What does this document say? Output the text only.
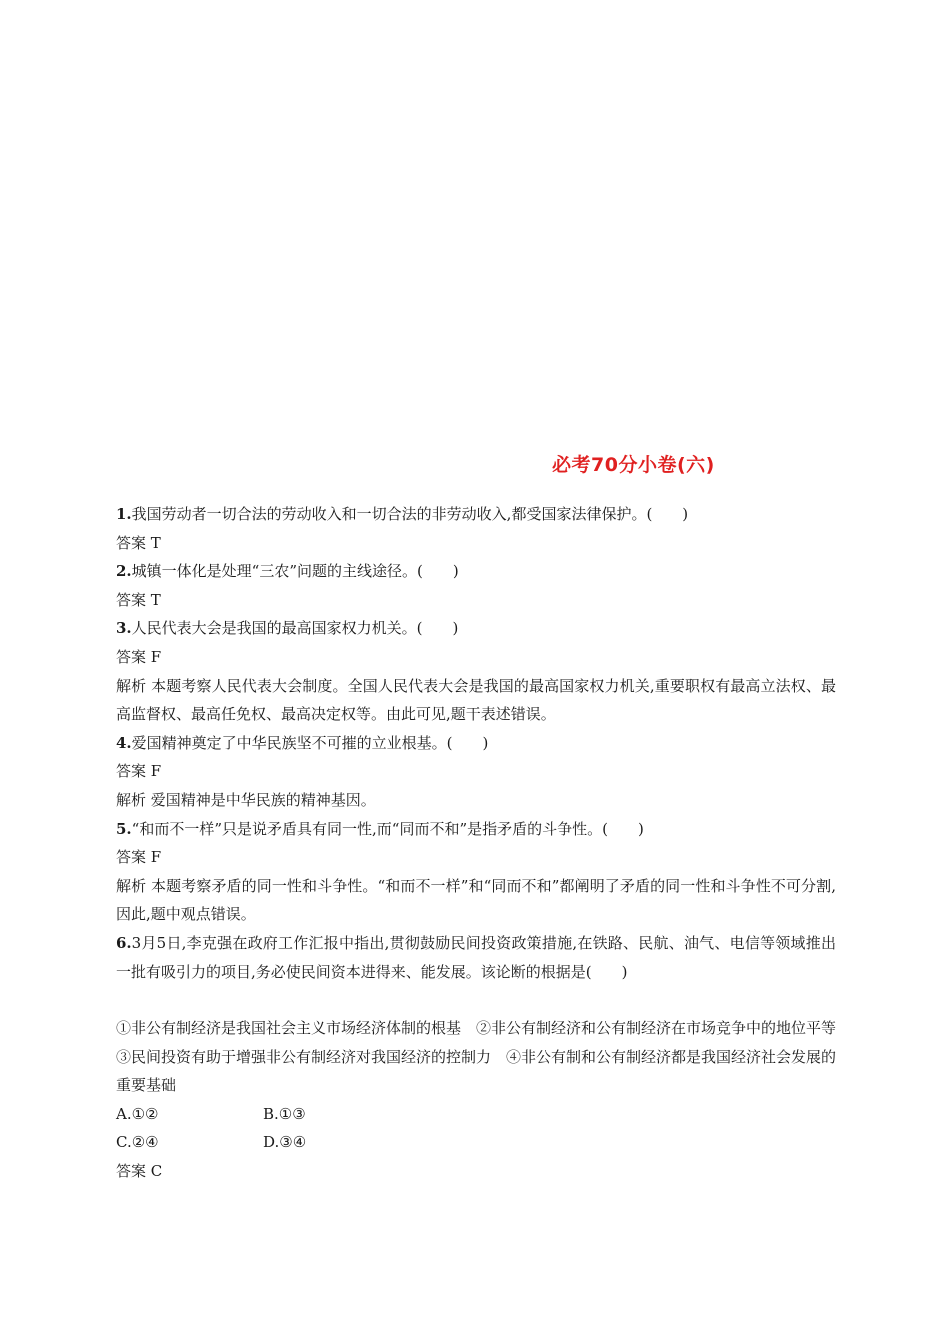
必考70分小卷(六)
1.我国劳动者一切合法的劳动收入和一切合法的非劳动收入,都受国家法律保护。(　　)
答案 T
2.城镇一体化是处理“三农”问题的主线途径。(　　)
答案 T
3.人民代表大会是我国的最高国家权力机关。(　　)
答案 F
解析 本题考察人民代表大会制度。全国人民代表大会是我国的最高国家权力机关,重要职权有最高立法权、最高监督权、最高任免权、最高决定权等。由此可见,题干表述错误。
4.爱国精神奠定了中华民族坚不可摧的立业根基。(　　)
答案 F
解析 爱国精神是中华民族的精神基因。
5.“和而不一样”只是说矛盾具有同一性,而“同而不和”是指矛盾的斗争性。(　　)
答案 F
解析 本题考察矛盾的同一性和斗争性。“和而不一样”和“同而不和”都阐明了矛盾的同一性和斗争性不可分割,因此,题中观点错误。
6.3月5日,李克强在政府工作汇报中指出,贯彻鼓励民间投资政策措施,在铁路、民航、油气、电信等领域推出一批有吸引力的项目,务必使民间资本进得来、能发展。该论断的根据是(　　)
①非公有制经济是我国社会主义市场经济体制的根基　②非公有制经济和公有制经济在市场竞争中的地位平等　③民间投资有助于增强非公有制经济对我国经济的控制力　④非公有制和公有制经济都是我国经济社会发展的重要基础
A.①②	B.①③
C.②④	D.③④
答案 C
